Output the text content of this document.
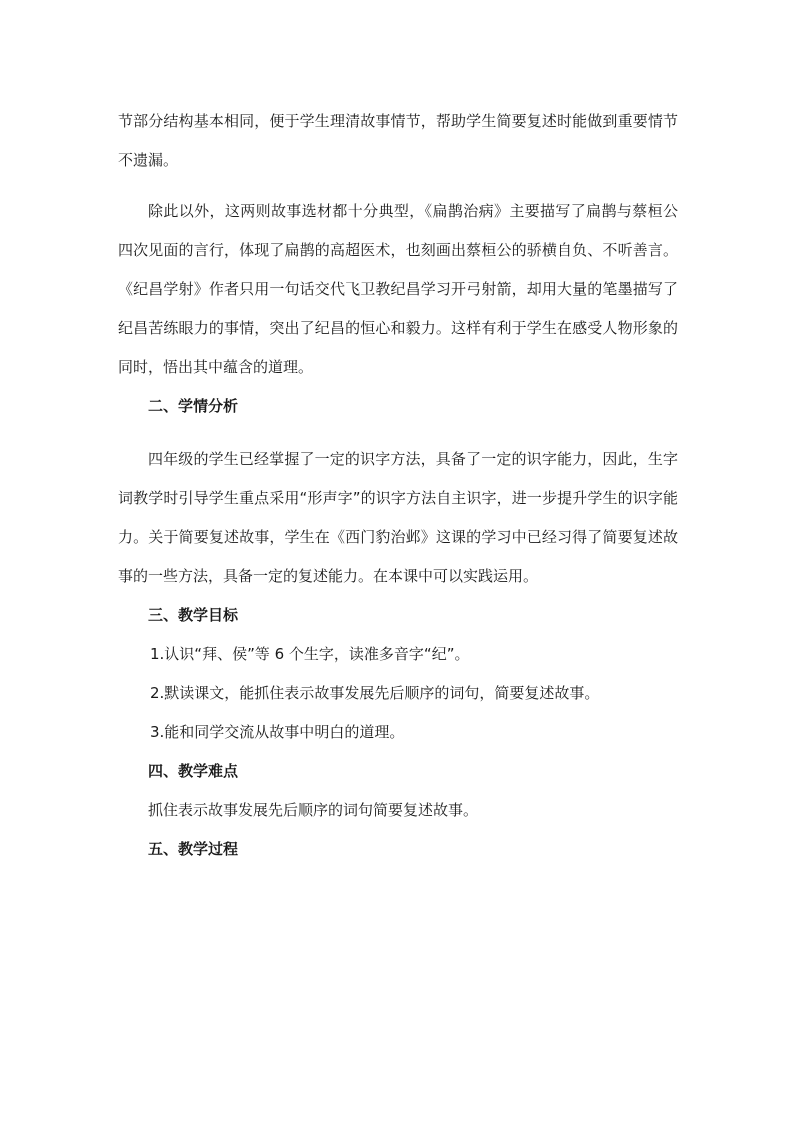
节部分结构基本相同，便于学生理清故事情节，帮助学生简要复述时能做到重要情节不遗漏。

除此以外，这两则故事选材都十分典型，《扁鹊治病》主要描写了扁鹊与蔡桓公四次见面的言行，体现了扁鹊的高超医术，也刻画出蔡桓公的骄横自负、不听善言。《纪昌学射》作者只用一句话交代飞卫教纪昌学习开弓射箭，却用大量的笔墨描写了纪昌苦练眼力的事情，突出了纪昌的恒心和毅力。这样有利于学生在感受人物形象的同时，悟出其中蕴含的道理。

二、学情分析

四年级的学生已经掌握了一定的识字方法，具备了一定的识字能力，因此，生字词教学时引导学生重点采用“形声字”的识字方法自主识字，进一步提升学生的识字能力。关于简要复述故事，学生在《西门豹治邺》这课的学习中已经习得了简要复述故事的一些方法，具备一定的复述能力。在本课中可以实践运用。

三、教学目标

1.认识“拜、侯”等 6 个生字，读准多音字“纪”。

2.默读课文，能抓住表示故事发展先后顺序的词句，简要复述故事。

3.能和同学交流从故事中明白的道理。

四、教学难点

抓住表示故事发展先后顺序的词句简要复述故事。

五、教学过程
